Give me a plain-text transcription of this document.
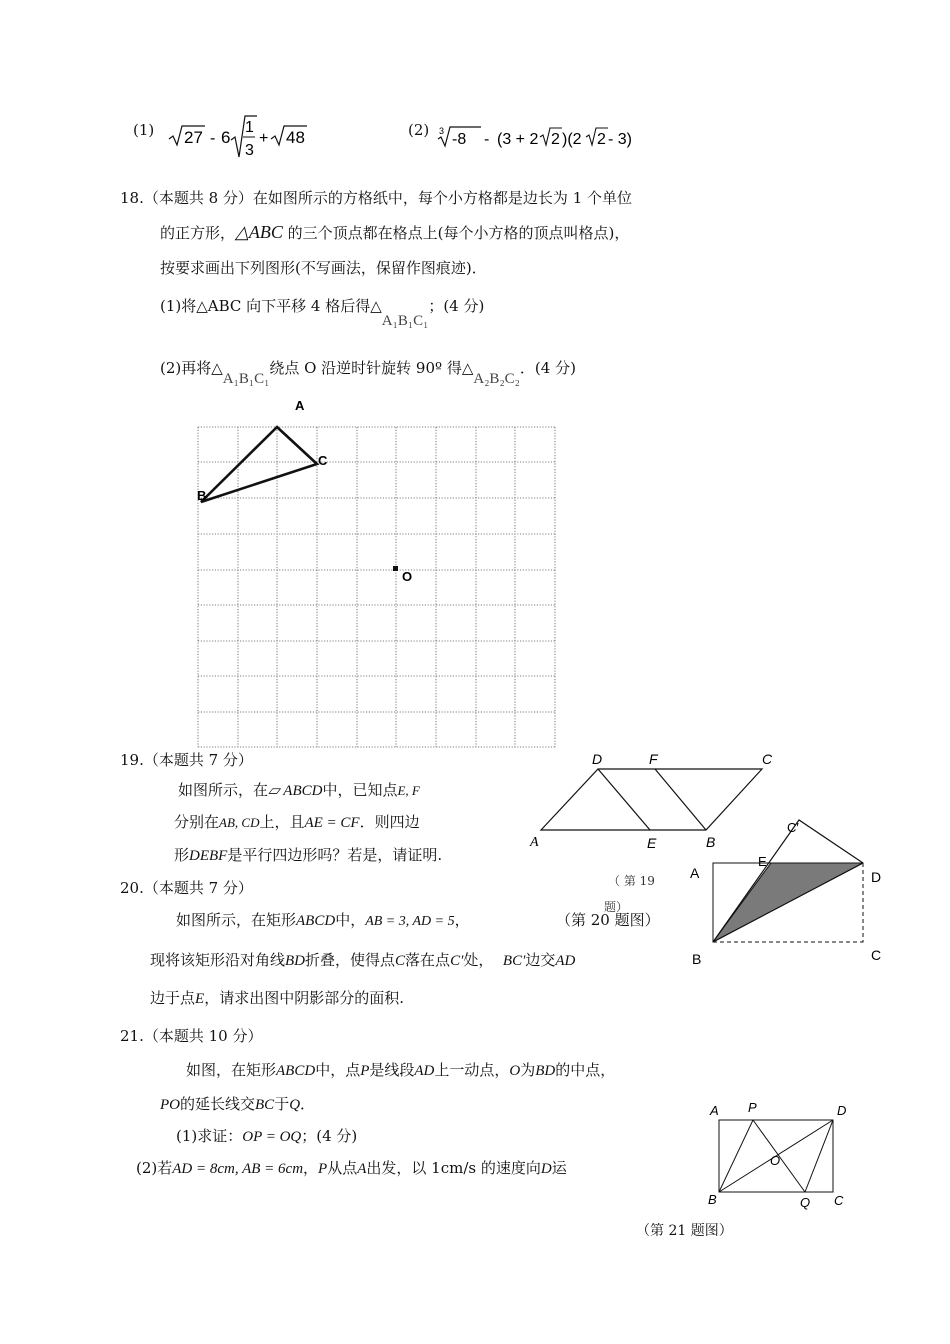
(1) 27 - 6
1
3
+ 48	(2) 3 -8 - (3 + 2 2 )(2 2 - 3)
18.（本题共 8 分）在如图所示的方格纸中，每个小方格都是边长为 1 个单位
的正方形，△ABC 的三个顶点都在格点上(每个小方格的顶点叫格点)，
按要求画出下列图形(不写画法，保留作图痕迹)．
(1)将△ABC 向下平移 4 格后得△A₁B₁C₁；(4 分)
(2)再将△A₁B₁C₁绕点 O 沿逆时针旋转 90º 得△A₂B₂C₂．(4 分)
A
B
C
O
19.（本题共 7 分）
如图所示，在▱ ABCD中，已知点E, F
分别在AB, CD上，且AE = CF．则四边
形DEBF是平行四边形吗？若是，请证明.
A
D	F	C
E	B
（ 第 19
题）
20.（本题共 7 分）
如图所示，在矩形ABCD中，AB = 3, AD = 5，	（第 20 题图）
现将该矩形沿对角线BD折叠，使得点C落在点C′处， BC′边交AD
边于点E，请求出图中阴影部分的面积.
A
E
C′
D
B	C
21.（本题共 10 分）
如图，在矩形ABCD中，点P是线段AD上一动点，O为BD的中点，
PO的延长线交BC于Q．
(1)求证：OP = OQ；(4 分)
(2)若AD = 8cm, AB = 6cm，P从点A出发，以 1cm/s 的速度向D运
A P	D
O
B	Q C
（第 21 题图）
